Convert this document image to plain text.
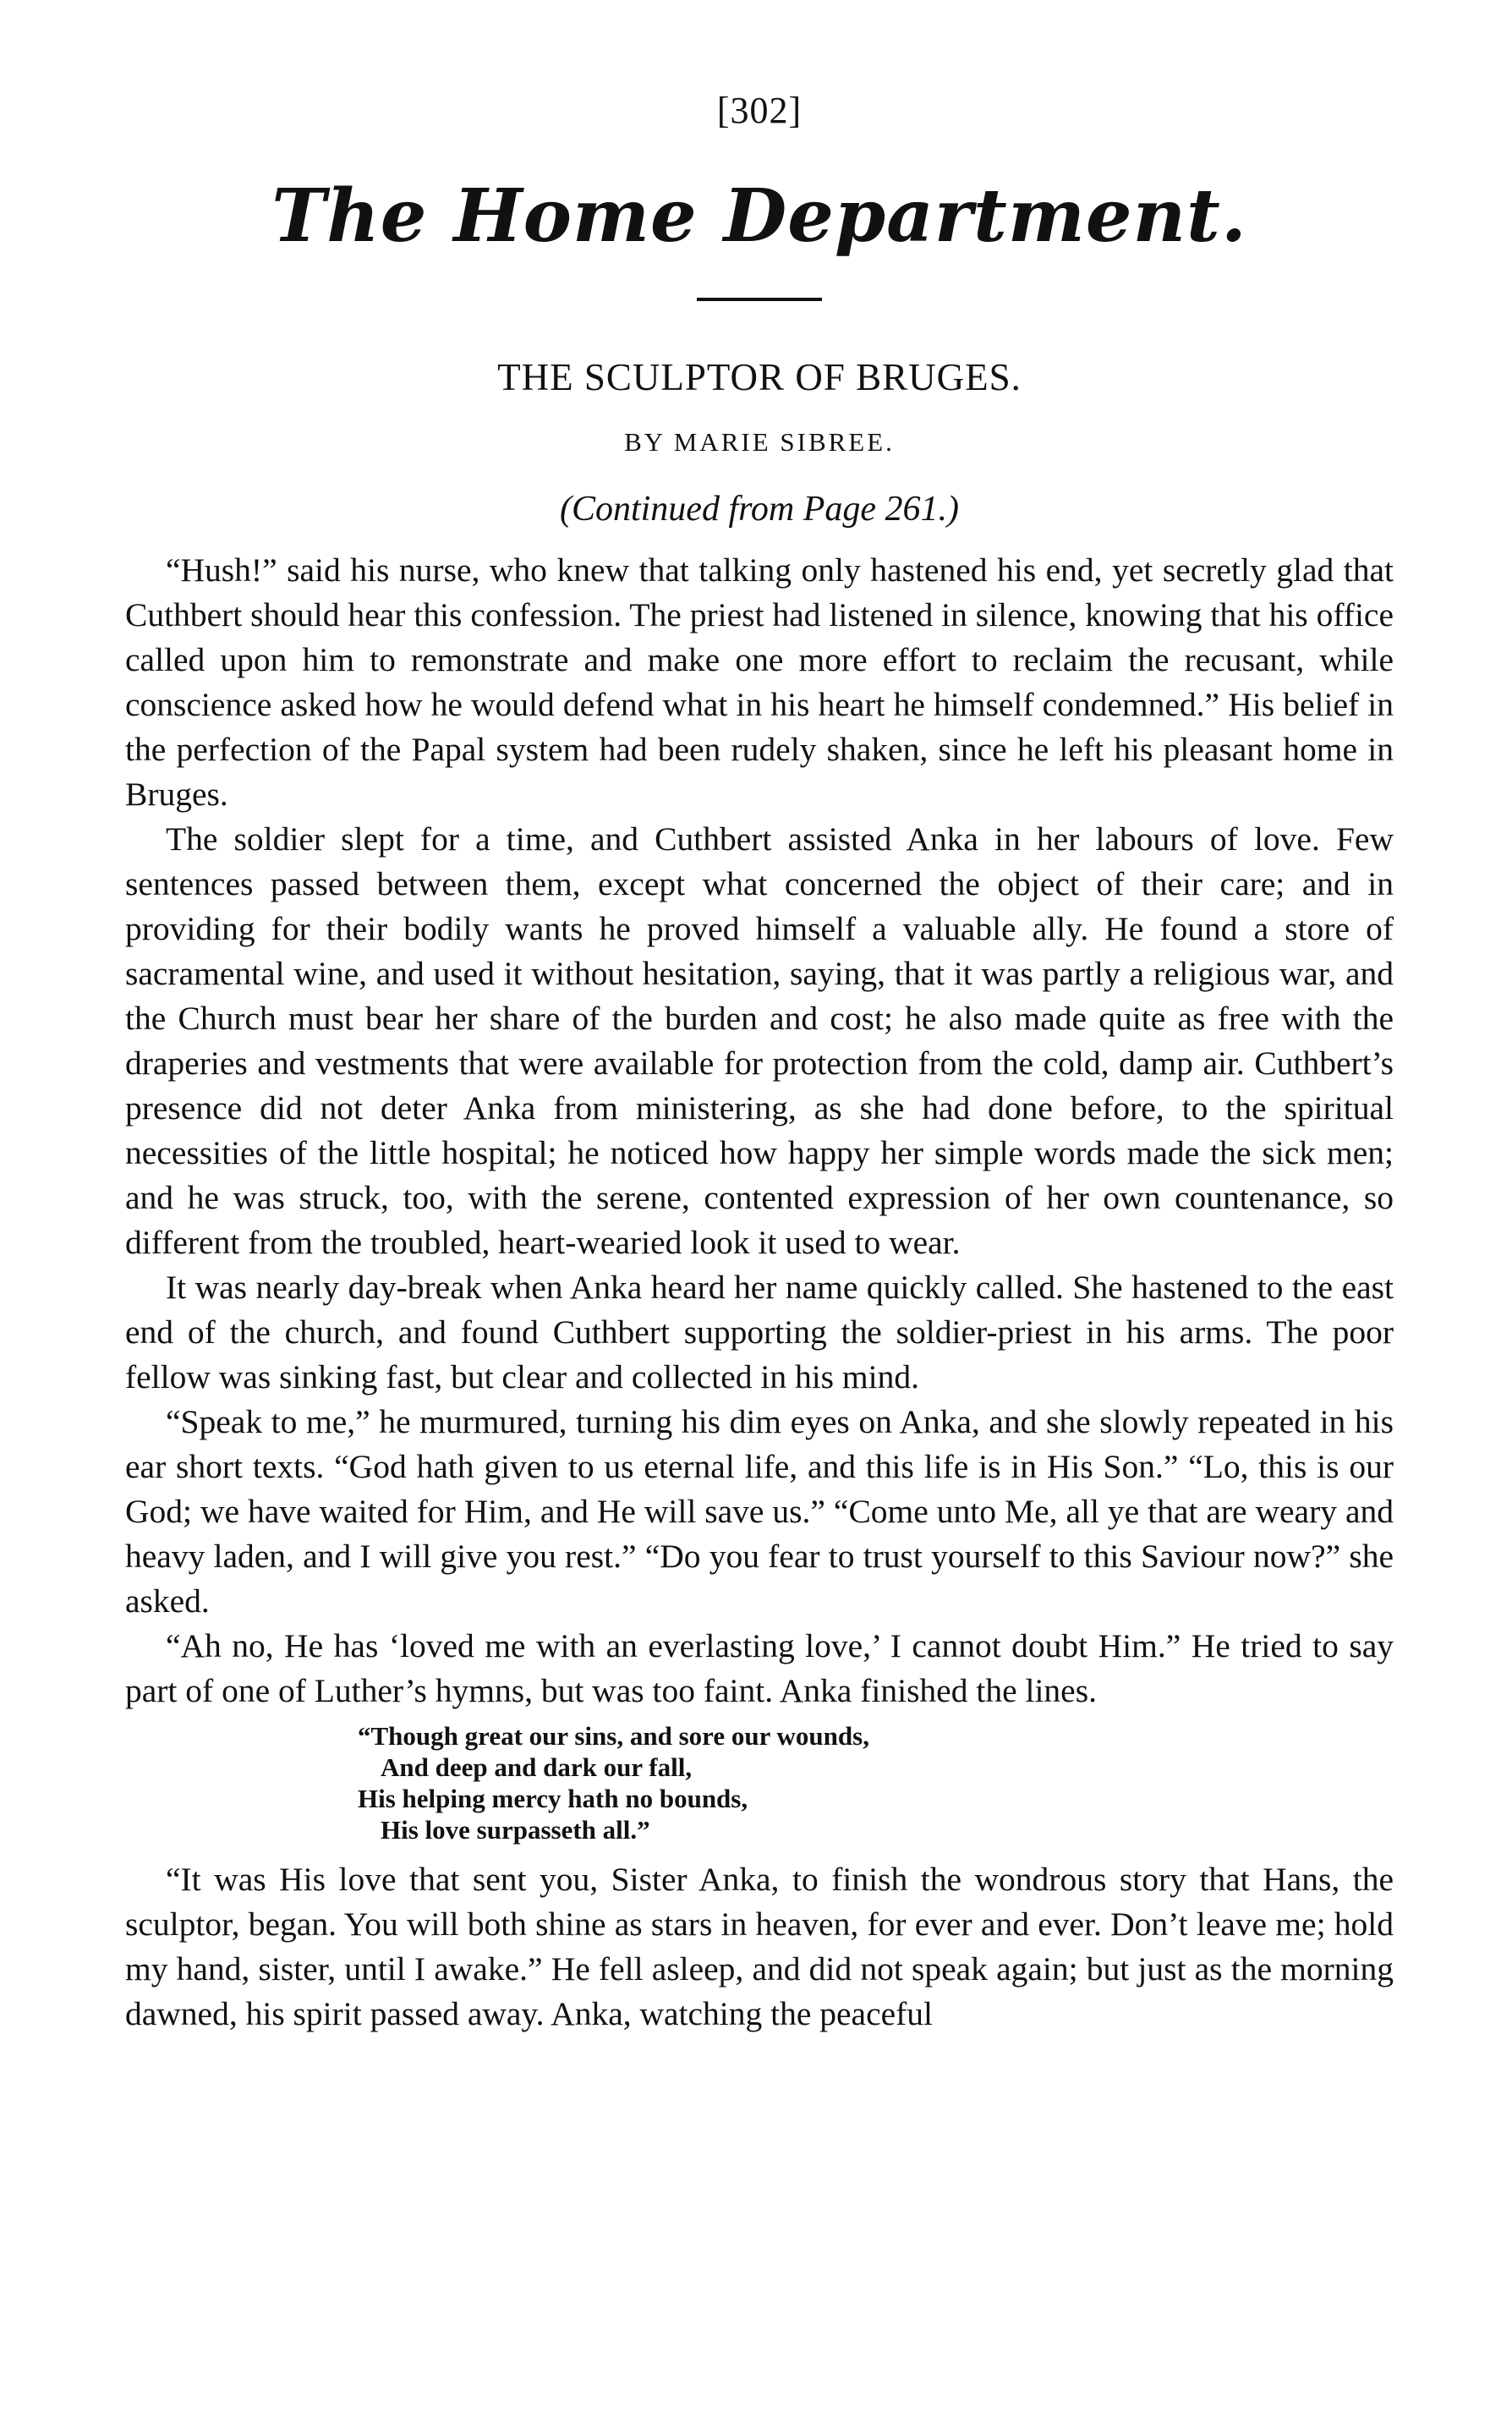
[302]
The Home Department.
THE SCULPTOR OF BRUGES.
BY MARIE SIBREE.
(Continued from Page 261.)

“Hush!” said his nurse, who knew that talking only hastened his end, yet secretly glad that Cuthbert should hear this confession. The priest had listened in silence, knowing that his office called upon him to remonstrate and make one more effort to reclaim the recusant, while conscience asked how he would defend what in his heart he himself condemned.” His belief in the perfection of the Papal system had been rudely shaken, since he left his pleasant home in Bruges.

The soldier slept for a time, and Cuthbert assisted Anka in her labours of love. Few sentences passed between them, except what concerned the object of their care; and in providing for their bodily wants he proved himself a valuable ally. He found a store of sacramental wine, and used it without hesitation, saying, that it was partly a religious war, and the Church must bear her share of the burden and cost; he also made quite as free with the draperies and vestments that were available for protection from the cold, damp air. Cuthbert’s presence did not deter Anka from ministering, as she had done before, to the spiritual necessities of the little hospital; he noticed how happy her simple words made the sick men; and he was struck, too, with the serene, contented expression of her own countenance, so different from the troubled, heart-wearied look it used to wear.

It was nearly day-break when Anka heard her name quickly called. She hastened to the east end of the church, and found Cuthbert supporting the soldier-priest in his arms. The poor fellow was sinking fast, but clear and collected in his mind.

“Speak to me,” he murmured, turning his dim eyes on Anka, and she slowly repeated in his ear short texts. “God hath given to us eternal life, and this life is in His Son.” “Lo, this is our God; we have waited for Him, and He will save us.” “Come unto Me, all ye that are weary and heavy laden, and I will give you rest.” “Do you fear to trust yourself to this Saviour now?” she asked.

“Ah no, He has ‘loved me with an everlasting love,’ I cannot doubt Him.” He tried to say part of one of Luther’s hymns, but was too faint. Anka finished the lines.

“Though great our sins, and sore our wounds,
And deep and dark our fall,
His helping mercy hath no bounds,
His love surpasseth all.”

“It was His love that sent you, Sister Anka, to finish the wondrous story that Hans, the sculptor, began. You will both shine as stars in heaven, for ever and ever. Don’t leave me; hold my hand, sister, until I awake.” He fell asleep, and did not speak again; but just as the morning dawned, his spirit passed away. Anka, watching the peaceful
